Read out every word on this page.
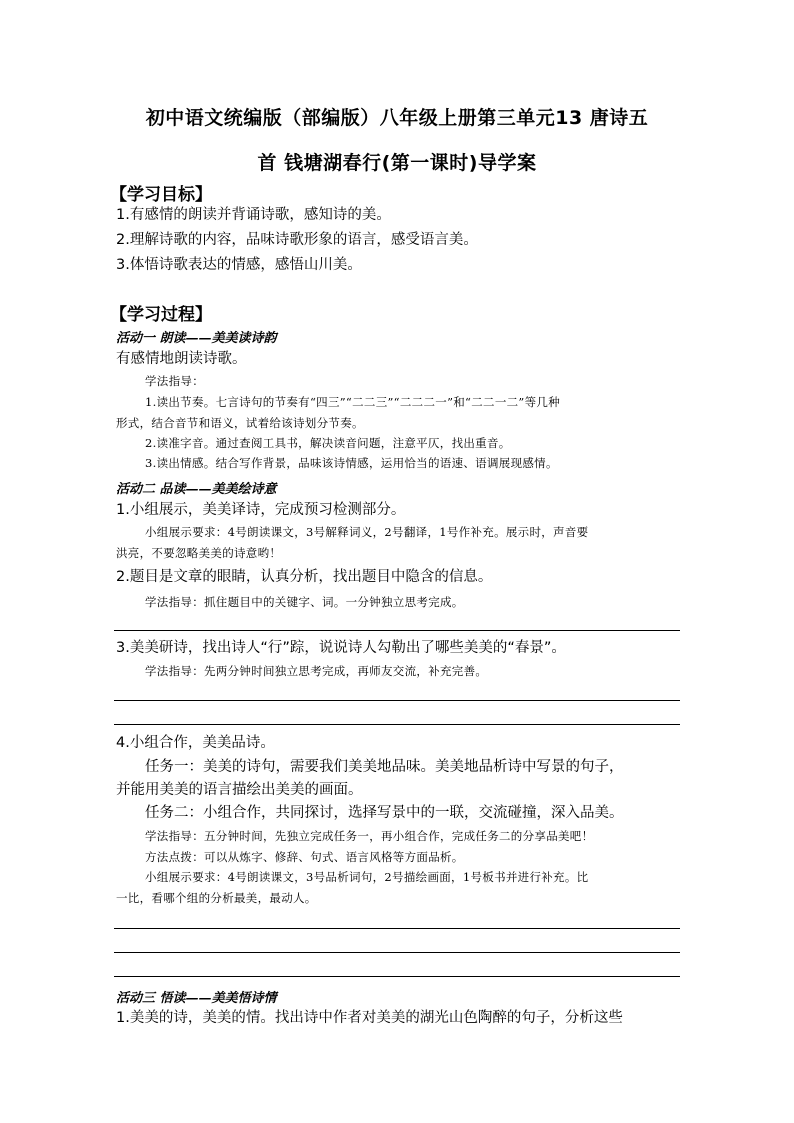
初中语文统编版（部编版）八年级上册第三单元13 唐诗五
首 钱塘湖春行(第一课时)导学案
【学习目标】
1.有感情的朗读并背诵诗歌，感知诗的美。
2.理解诗歌的内容，品味诗歌形象的语言，感受语言美。
3.体悟诗歌表达的情感，感悟山川美。
【学习过程】
活动一 朗读——美美读诗韵
有感情地朗读诗歌。
学法指导：
1.读出节奏。七言诗句的节奏有“四三”“二二三”“二二二一”和“二二一二”等几种
形式，结合音节和语义，试着给该诗划分节奏。
2.读准字音。通过查阅工具书，解决读音问题，注意平仄，找出重音。
3.读出情感。结合写作背景，品味该诗情感，运用恰当的语速、语调展现感情。
活动二 品读——美美绘诗意
1.小组展示，美美译诗，完成预习检测部分。
小组展示要求：4号朗读课文，3号解释词义，2号翻译，1号作补充。展示时，声音要
洪亮，不要忽略美美的诗意哟！
2.题目是文章的眼睛，认真分析，找出题目中隐含的信息。
学法指导：抓住题目中的关键字、词。一分钟独立思考完成。
3.美美研诗，找出诗人“行”踪，说说诗人勾勒出了哪些美美的“春景”。
学法指导：先两分钟时间独立思考完成，再师友交流，补充完善。
4.小组合作，美美品诗。
任务一：美美的诗句，需要我们美美地品味。美美地品析诗中写景的句子，
并能用美美的语言描绘出美美的画面。
任务二：小组合作，共同探讨，选择写景中的一联，交流碰撞，深入品美。
学法指导：五分钟时间，先独立完成任务一，再小组合作，完成任务二的分享品美吧！
方法点拨：可以从炼字、修辞、句式、语言风格等方面品析。
小组展示要求：4号朗读课文，3号品析词句，2号描绘画面，1号板书并进行补充。比
一比，看哪个组的分析最美，最动人。
活动三 悟读——美美悟诗情
1.美美的诗，美美的情。找出诗中作者对美美的湖光山色陶醉的句子，分析这些
